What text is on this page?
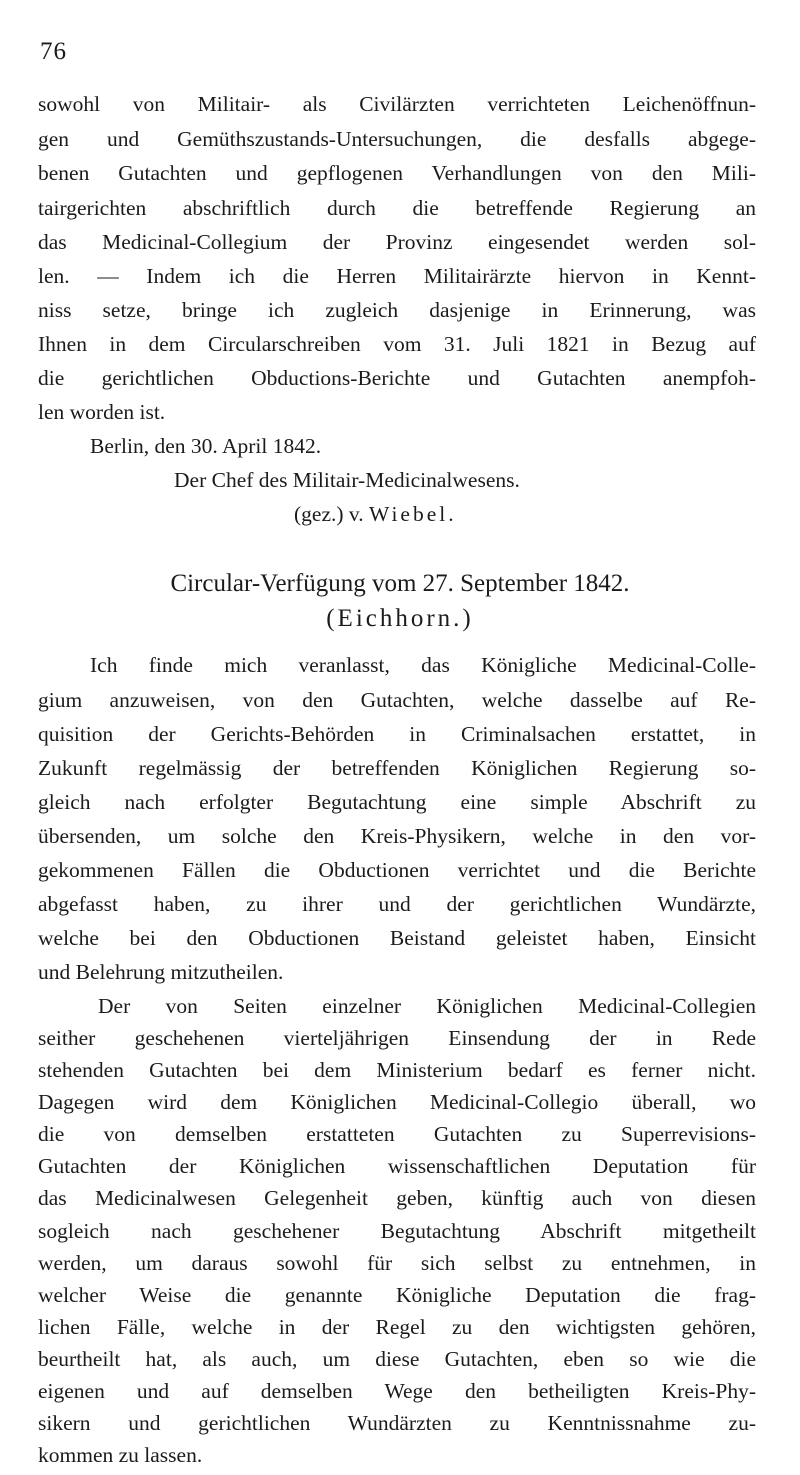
76
sowohl von Militair- als Civilärzten verrichteten Leichenöffnun-
gen und Gemüthszustands-Untersuchungen, die desfalls abgege-
benen Gutachten und gepflogenen Verhandlungen von den Mili-
tairgerichten abschriftlich durch die betreffende Regierung an
das Medicinal-Collegium der Provinz eingesendet werden sol-
len. — Indem ich die Herren Militairärzte hiervon in Kennt-
niss setze, bringe ich zugleich dasjenige in Erinnerung, was
Ihnen in dem Circularschreiben vom 31. Juli 1821 in Bezug auf
die gerichtlichen Obductions-Berichte und Gutachten anempfoh-
len worden ist.
Berlin, den 30. April 1842.
Der Chef des Militair-Medicinalwesens.
(gez.) v. Wiebel.
Circular-Verfügung vom 27. September 1842.
(Eichhorn.)
Ich finde mich veranlasst, das Königliche Medicinal-Colle-
gium anzuweisen, von den Gutachten, welche dasselbe auf Re-
quisition der Gerichts-Behörden in Criminalsachen erstattet, in
Zukunft regelmässig der betreffenden Königlichen Regierung so-
gleich nach erfolgter Begutachtung eine simple Abschrift zu
übersenden, um solche den Kreis-Physikern, welche in den vor-
gekommenen Fällen die Obductionen verrichtet und die Berichte
abgefasst haben, zu ihrer und der gerichtlichen Wundärzte,
welche bei den Obductionen Beistand geleistet haben, Einsicht
und Belehrung mitzutheilen.
Der von Seiten einzelner Königlichen Medicinal-Collegien
seither geschehenen vierteljährigen Einsendung der in Rede
stehenden Gutachten bei dem Ministerium bedarf es ferner nicht.
Dagegen wird dem Königlichen Medicinal-Collegio überall, wo
die von demselben erstatteten Gutachten zu Superrevisions-
Gutachten der Königlichen wissenschaftlichen Deputation für
das Medicinalwesen Gelegenheit geben, künftig auch von diesen
sogleich nach geschehener Begutachtung Abschrift mitgetheilt
werden, um daraus sowohl für sich selbst zu entnehmen, in
welcher Weise die genannte Königliche Deputation die frag-
lichen Fälle, welche in der Regel zu den wichtigsten gehören,
beurtheilt hat, als auch, um diese Gutachten, eben so wie die
eigenen und auf demselben Wege den betheiligten Kreis-Phy-
sikern und gerichtlichen Wundärzten zu Kenntnissnahme zu-
kommen zu lassen.
